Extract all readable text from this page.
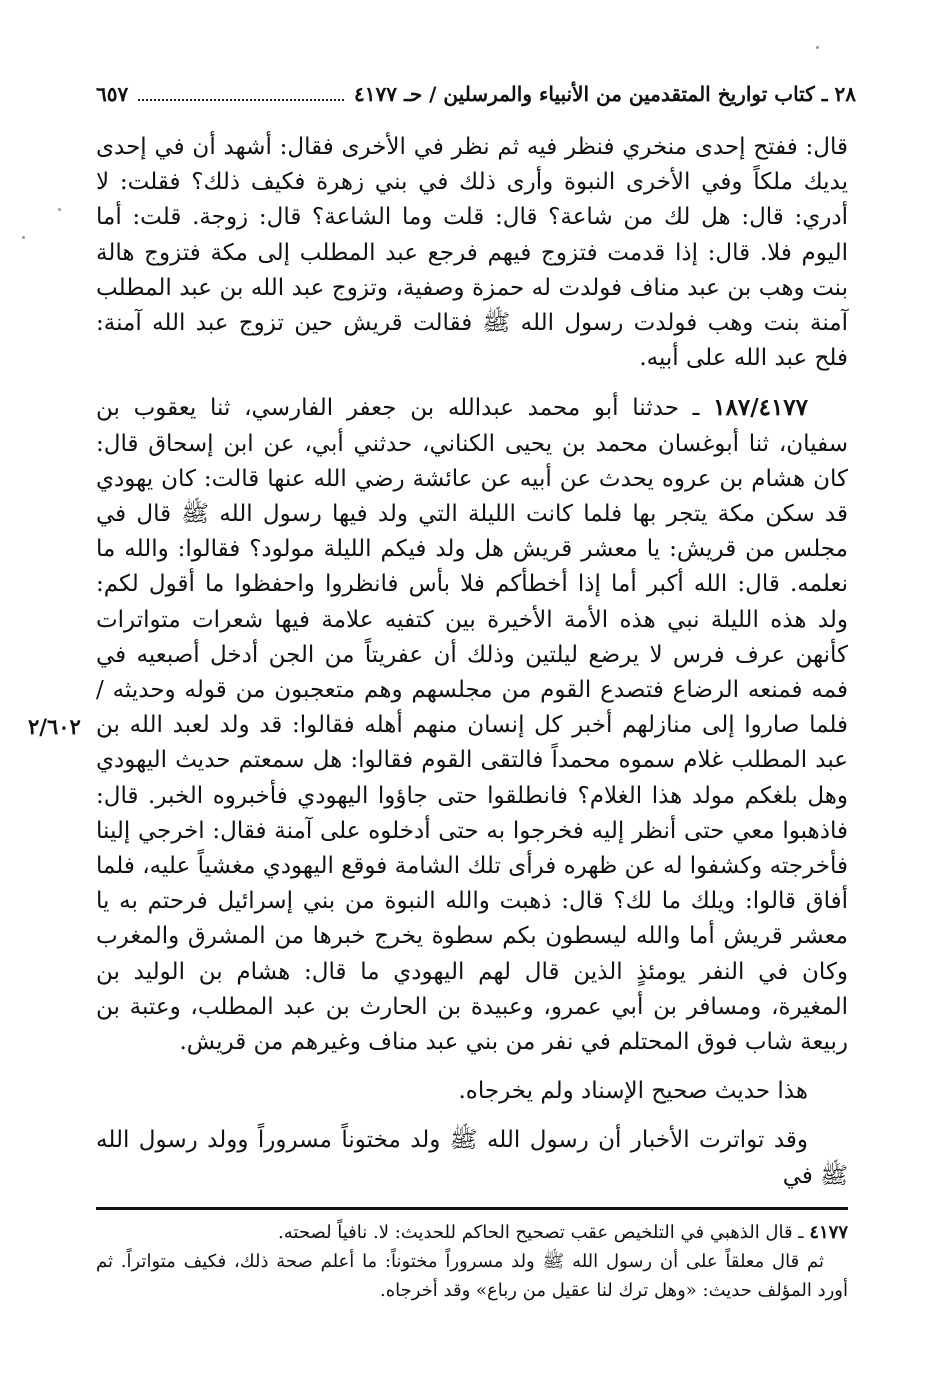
٢٨ ـ كتاب تواريخ المتقدمين من الأنبياء والمرسلين / حـ ٤١٧٧
٦٥٧

قال: ففتح إحدى منخري فنظر فيه ثم نظر في الأخرى فقال: أشهد أن في إحدى يديك ملكاً وفي الأخرى النبوة وأرى ذلك في بني زهرة فكيف ذلك؟ فقلت: لا أدري: قال: هل لك من شاعة؟ قال: قلت وما الشاعة؟ قال: زوجة. قلت: أما اليوم فلا. قال: إذا قدمت فتزوج فيهم فرجع عبد المطلب إلى مكة فتزوج هالة بنت وهب بن عبد مناف فولدت له حمزة وصفية، وتزوج عبد الله بن عبد المطلب آمنة بنت وهب فولدت رسول الله ﷺ فقالت قريش حين تزوج عبد الله آمنة: فلح عبد الله على أبيه.

١٨٧/٤١٧٧ ـ حدثنا أبو محمد عبدالله بن جعفر الفارسي، ثنا يعقوب بن سفيان، ثنا أبوغسان محمد بن يحيى الكناني، حدثني أبي، عن ابن إسحاق قال: كان هشام بن عروه يحدث عن أبيه عن عائشة رضي الله عنها قالت: كان يهودي قد سكن مكة يتجر بها فلما كانت الليلة التي ولد فيها رسول الله ﷺ قال في مجلس من قريش: يا معشر قريش هل ولد فيكم الليلة مولود؟ فقالوا: والله ما نعلمه. قال: الله أكبر أما إذا أخطأكم فلا بأس فانظروا واحفظوا ما أقول لكم: ولد هذه الليلة نبي هذه الأمة الأخيرة بين كتفيه علامة فيها شعرات متواترات كأنهن عرف فرس لا يرضع ليلتين وذلك أن عفريتاً من الجن أدخل أصبعيه في فمه فمنعه الرضاع فتصدع القوم من مجلسهم وهم متعجبون من قوله وحديثه / فلما صاروا إلى منازلهم أخبر كل إنسان منهم أهله فقالوا: قد ولد لعبد الله بن عبد المطلب غلام سموه محمداً فالتقى القوم فقالوا: هل سمعتم حديث اليهودي وهل بلغكم مولد هذا الغلام؟ فانطلقوا حتى جاؤوا اليهودي فأخبروه الخبر. قال: فاذهبوا معي حتى أنظر إليه فخرجوا به حتى أدخلوه على آمنة فقال: اخرجي إلينا فأخرجته وكشفوا له عن ظهره فرأى تلك الشامة فوقع اليهودي مغشياً عليه، فلما أفاق قالوا: ويلك ما لك؟ قال: ذهبت والله النبوة من بني إسرائيل فرحتم به يا معشر قريش أما والله ليسطون بكم سطوة يخرج خبرها من المشرق والمغرب وكان في النفر يومئذٍ الذين قال لهم اليهودي ما قال: هشام بن الوليد بن المغيرة، ومسافر بن أبي عمرو، وعبيدة بن الحارث بن عبد المطلب، وعتبة بن ربيعة شاب فوق المحتلم في نفر من بني عبد مناف وغيرهم من قريش.

هذا حديث صحيح الإسناد ولم يخرجاه.

وقد تواترت الأخبار أن رسول الله ﷺ ولد مختوناً مسروراً وولد رسول الله ﷺ في

٢/٦٠٢

٤١٧٧ ـ قال الذهبي في التلخيص عقب تصحيح الحاكم للحديث: لا. نافياً لصحته.

ثم قال معلقاً على أن رسول الله ﷺ ولد مسروراً مختوناً: ما أعلم صحة ذلك، فكيف متواتراً. ثم أورد المؤلف حديث: «وهل ترك لنا عقيل من رباع» وقد أخرجاه.
